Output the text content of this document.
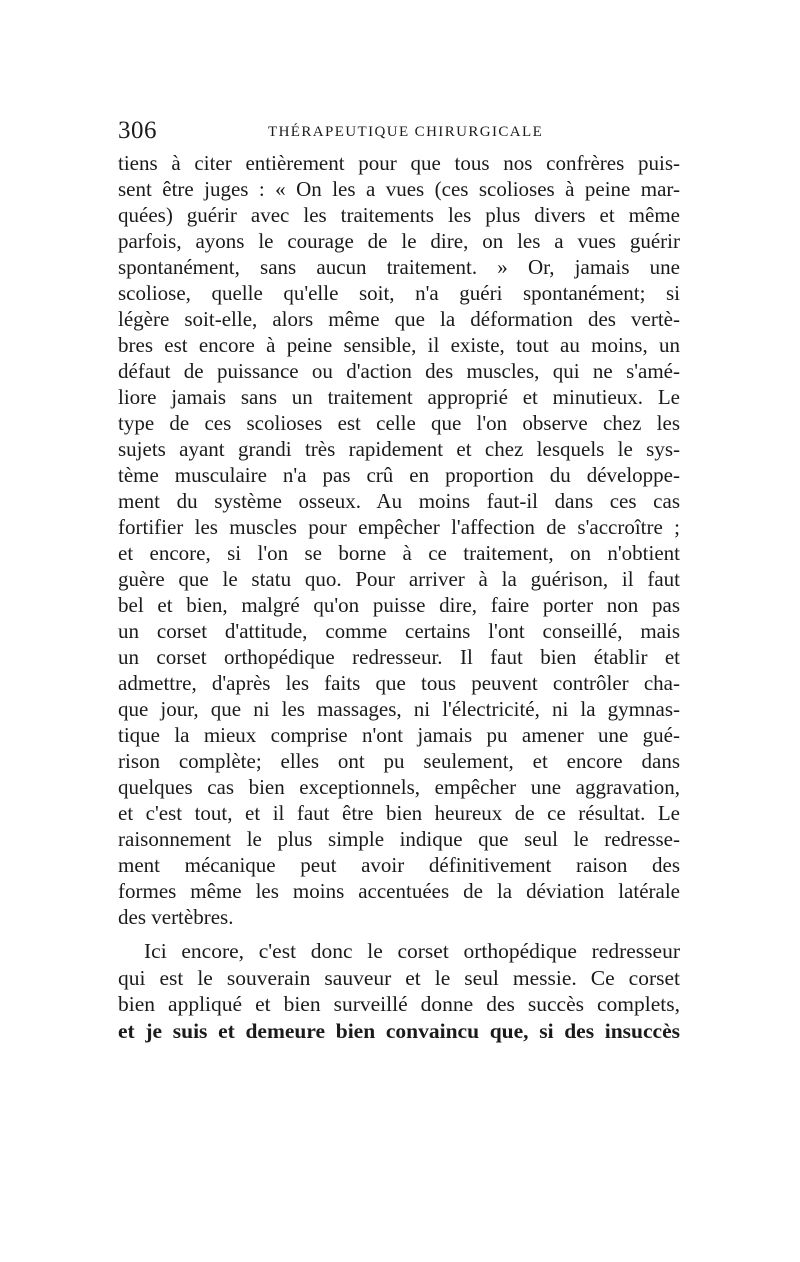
306	THÉRAPEUTIQUE CHIRURGICALE
tiens à citer entièrement pour que tous nos confrères puis-
sent être juges : « On les a vues (ces scolioses à peine mar-
quées) guérir avec les traitements les plus divers et même
parfois, ayons le courage de le dire, on les a vues guérir
spontanément, sans aucun traitement. » Or, jamais une
scoliose, quelle qu'elle soit, n'a guéri spontanément; si
légère soit-elle, alors même que la déformation des vertè-
bres est encore à peine sensible, il existe, tout au moins, un
défaut de puissance ou d'action des muscles, qui ne s'amé-
liore jamais sans un traitement approprié et minutieux. Le
type de ces scolioses est celle que l'on observe chez les
sujets ayant grandi très rapidement et chez lesquels le sys-
tème musculaire n'a pas crû en proportion du développe-
ment du système osseux. Au moins faut-il dans ces cas
fortifier les muscles pour empêcher l'affection de s'accroître ;
et encore, si l'on se borne à ce traitement, on n'obtient
guère que le statu quo. Pour arriver à la guérison, il faut
bel et bien, malgré qu'on puisse dire, faire porter non pas
un corset d'attitude, comme certains l'ont conseillé, mais
un corset orthopédique redresseur. Il faut bien établir et
admettre, d'après les faits que tous peuvent contrôler cha-
que jour, que ni les massages, ni l'électricité, ni la gymnas-
tique la mieux comprise n'ont jamais pu amener une gué-
rison complète; elles ont pu seulement, et encore dans
quelques cas bien exceptionnels, empêcher une aggravation,
et c'est tout, et il faut être bien heureux de ce résultat. Le
raisonnement le plus simple indique que seul le redresse-
ment mécanique peut avoir définitivement raison des
formes même les moins accentuées de la déviation latérale
des vertèbres.
Ici encore, c'est donc le corset orthopédique redresseur
qui est le souverain sauveur et le seul messie. Ce corset
bien appliqué et bien surveillé donne des succès complets,
et je suis et demeure bien convaincu que, si des insuccès
